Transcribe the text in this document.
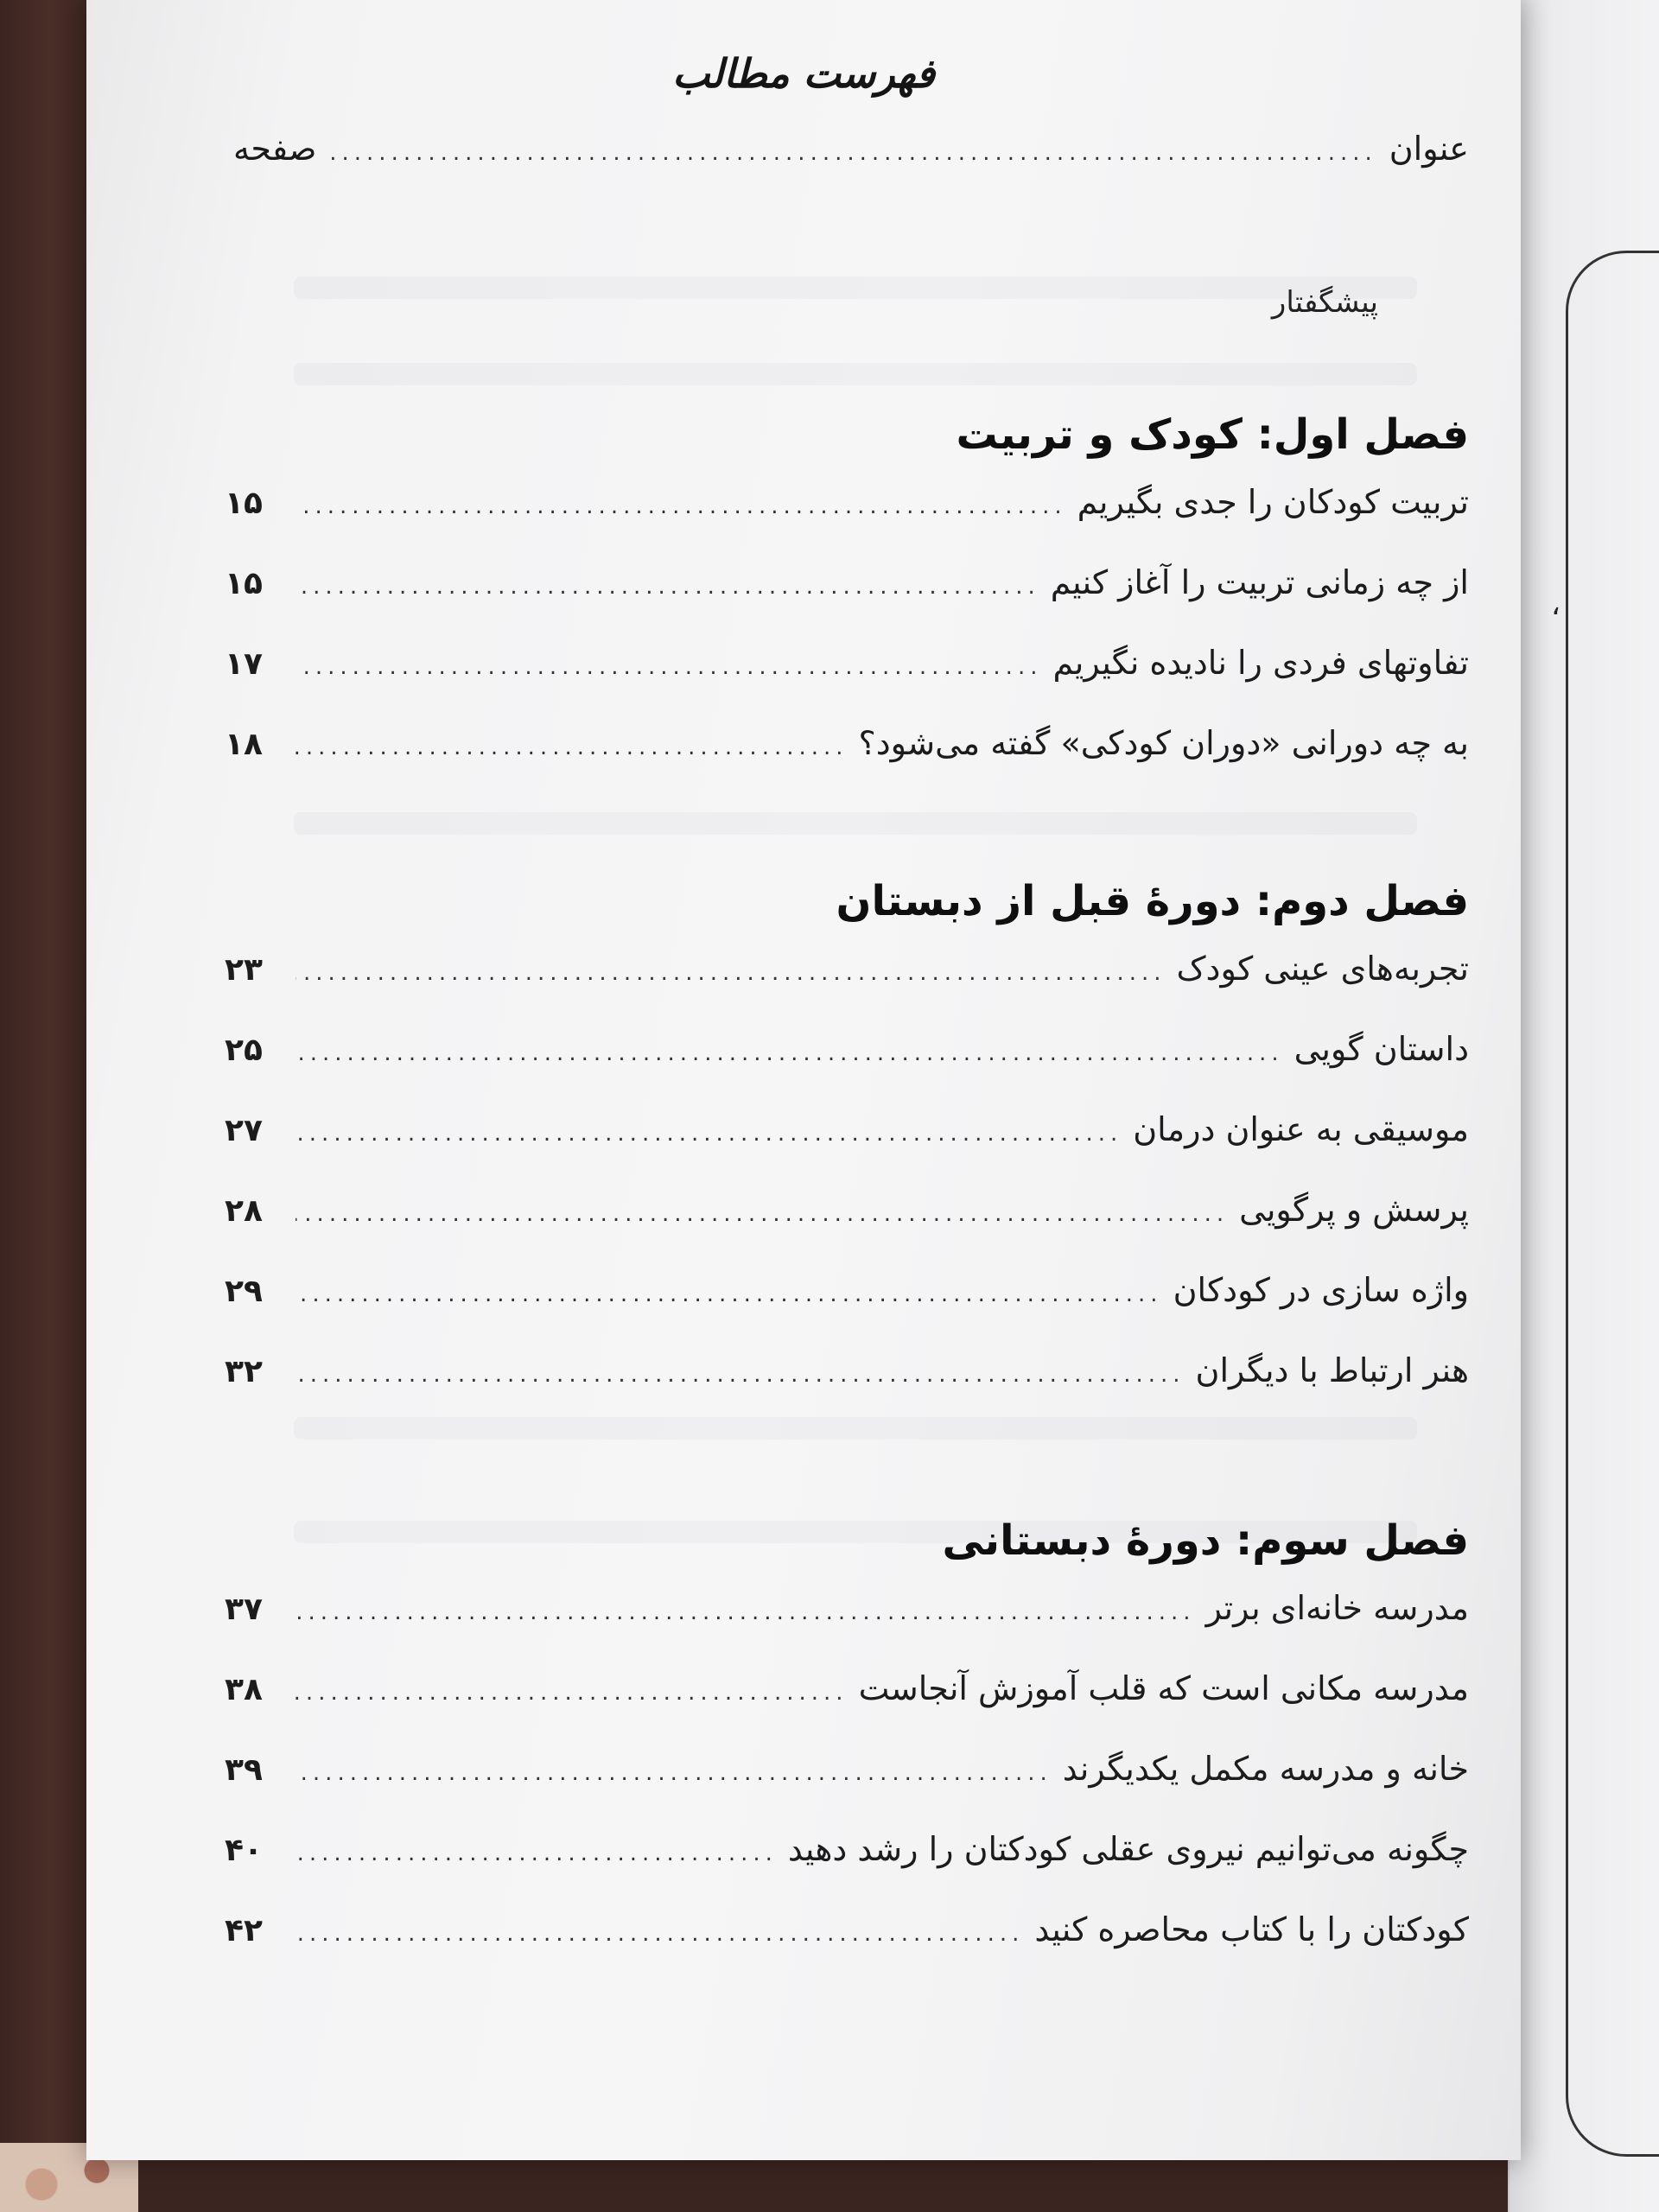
،
فهرست مطالب
عنوان
.....
صفحه
پیشگفتار
فصل اول: کودک و تربیت
تربیت کودکان را جدی بگیریم
.....
۱۵
از چه زمانی تربیت را آغاز کنیم
.....
۱۵
تفاوتهای فردی را نادیده نگیریم
.....
۱۷
به چه دورانی «دوران کودکی» گفته می‌شود؟
.....
۱۸
فصل دوم: دورهٔ قبل از دبستان
تجربه‌های عینی کودک
.....
۲۳
داستان گویی
.....
۲۵
موسیقی به عنوان درمان
.....
۲۷
پرسش و پرگویی
.....
۲۸
واژه سازی در کودکان
.....
۲۹
هنر ارتباط با دیگران
.....
۳۲
فصل سوم: دورهٔ دبستانی
مدرسه خانه‌ای برتر
.....
۳۷
مدرسه مکانی است که قلب آموزش آنجاست
.....
۳۸
خانه و مدرسه مکمل یکدیگرند
.....
۳۹
چگونه می‌توانیم نیروی عقلی کودکتان را رشد دهید
.....
۴۰
کودکتان را با کتاب محاصره کنید
.....
۴۲
